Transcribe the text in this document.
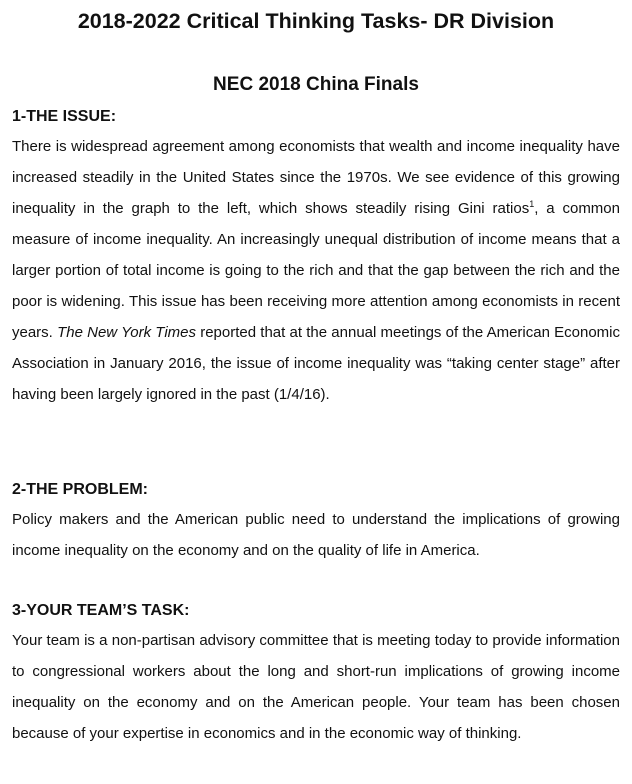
2018-2022 Critical Thinking Tasks- DR Division
NEC 2018 China Finals
1-THE ISSUE:

There is widespread agreement among economists that wealth and income inequality have increased steadily in the United States since the 1970s. We see evidence of this growing inequality in the graph to the left, which shows steadily rising Gini ratios$^1$, a common measure of income inequality. An increasingly unequal distribution of income means that a larger portion of total income is going to the rich and that the gap between the rich and the poor is widening. This issue has been receiving more attention among economists in recent years. The New York Times reported that at the annual meetings of the American Economic Association in January 2016, the issue of income inequality was “taking center stage” after having been largely ignored in the past (1/4/16).

2-THE PROBLEM:

Policy makers and the American public need to understand the implications of growing income inequality on the economy and on the quality of life in America.

3-YOUR TEAM’S TASK:

Your team is a non-partisan advisory committee that is meeting today to provide information to congressional workers about the long and short-run implications of growing income inequality on the economy and on the American people. Your team has been chosen because of your expertise in economics and in the economic way of thinking.
